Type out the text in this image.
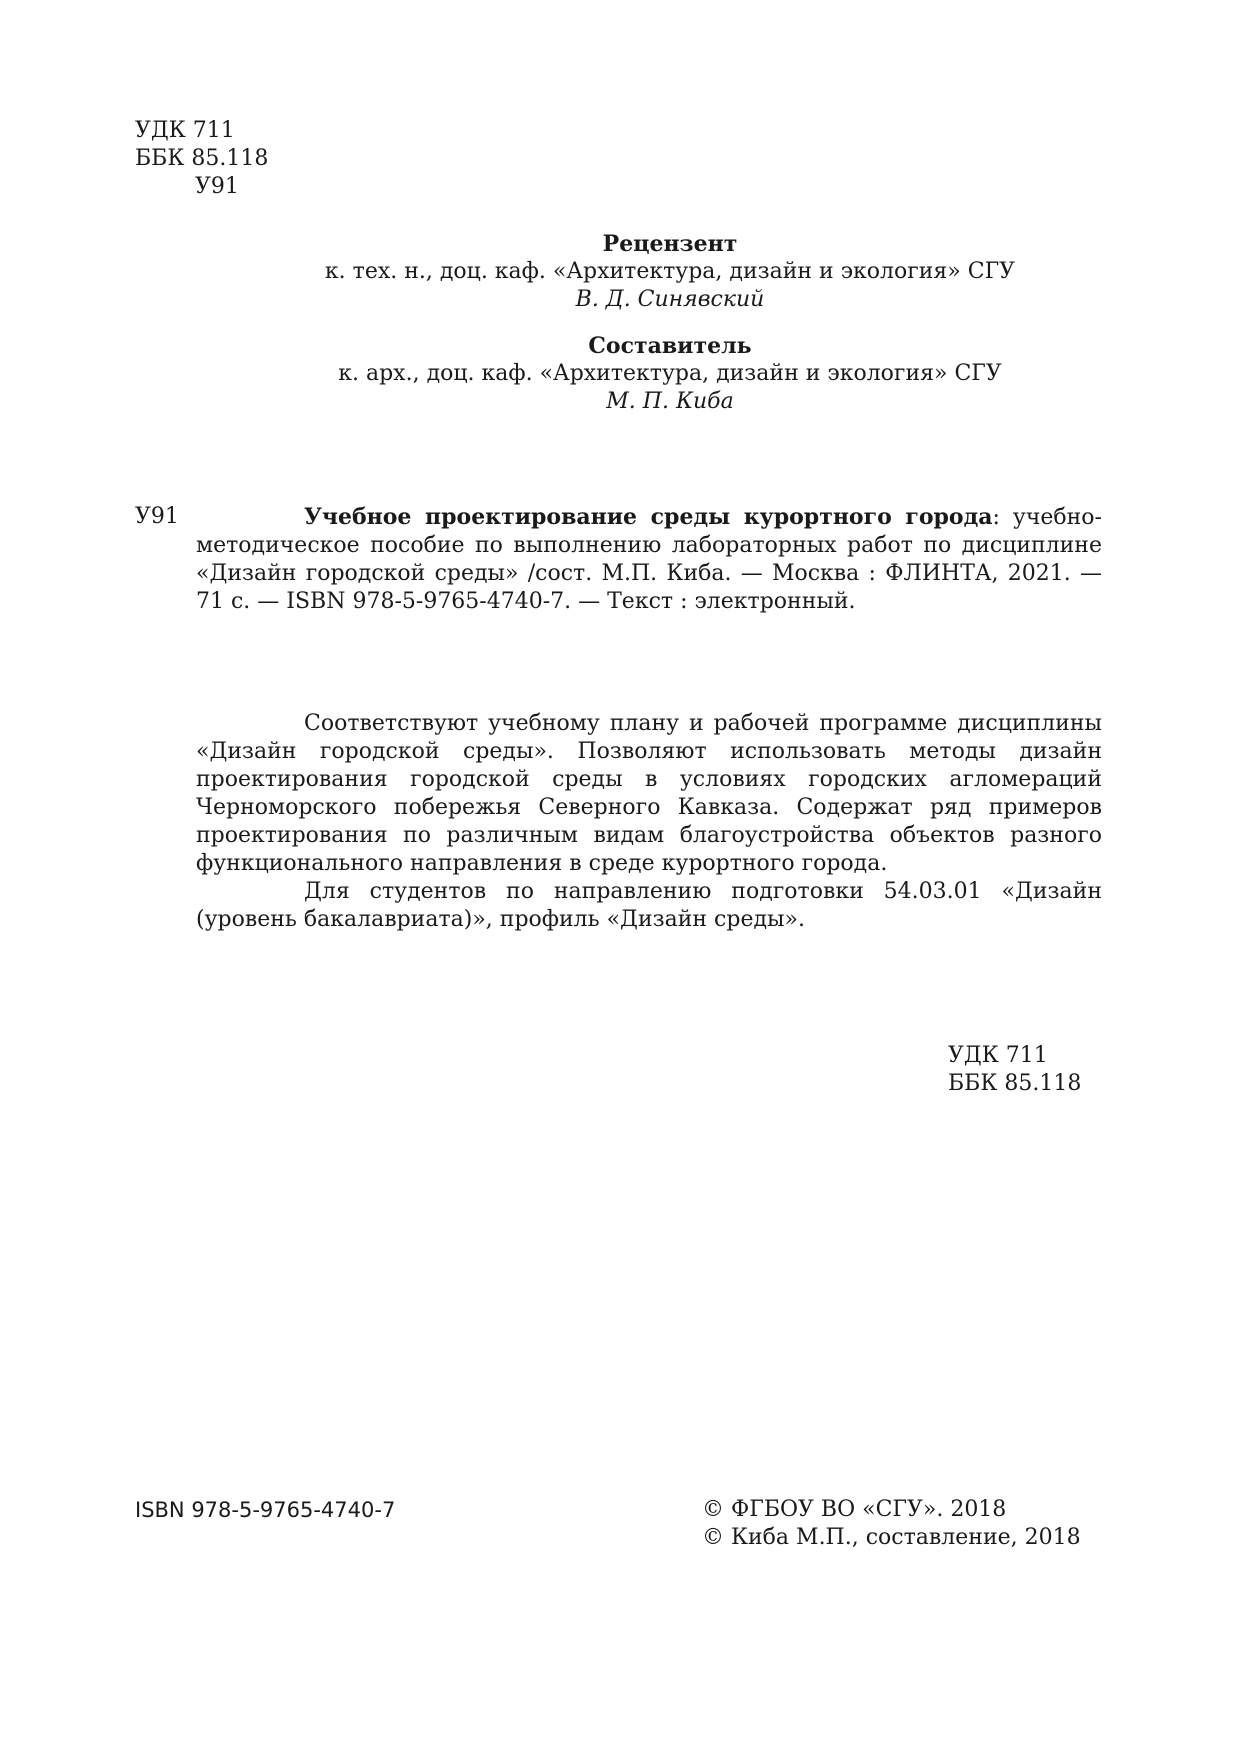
УДК 711
ББК 85.118
У91
Рецензент
к. тех. н., доц. каф. «Архитектура, дизайн и экология» СГУ
В. Д. Синявский
Составитель
к. арх., доц. каф. «Архитектура, дизайн и экология» СГУ
М. П. Киба
У91	Учебное проектирование среды курортного города: учебно-методическое пособие по выполнению лабораторных работ по дисциплине «Дизайн городской среды» /сост. М.П. Киба. — Москва : ФЛИНТА, 2021. — 71 с. — ISBN 978-5-9765-4740-7. — Текст : электронный.

Соответствуют учебному плану и рабочей программе дисциплины «Дизайн городской среды». Позволяют использовать методы дизайн проектирования городской среды в условиях городских агломераций Черноморского побережья Северного Кавказа. Содержат ряд примеров проектирования по различным видам благоустройства объектов разного функционального направления в среде курортного города.

Для студентов по направлению подготовки 54.03.01 «Дизайн (уровень бакалавриата)», профиль «Дизайн среды».

УДК 711
ББК 85.118
ISBN 978-5-9765-4740-7	© ФГБОУ ВО «СГУ». 2018
© Киба М.П., составление, 2018
